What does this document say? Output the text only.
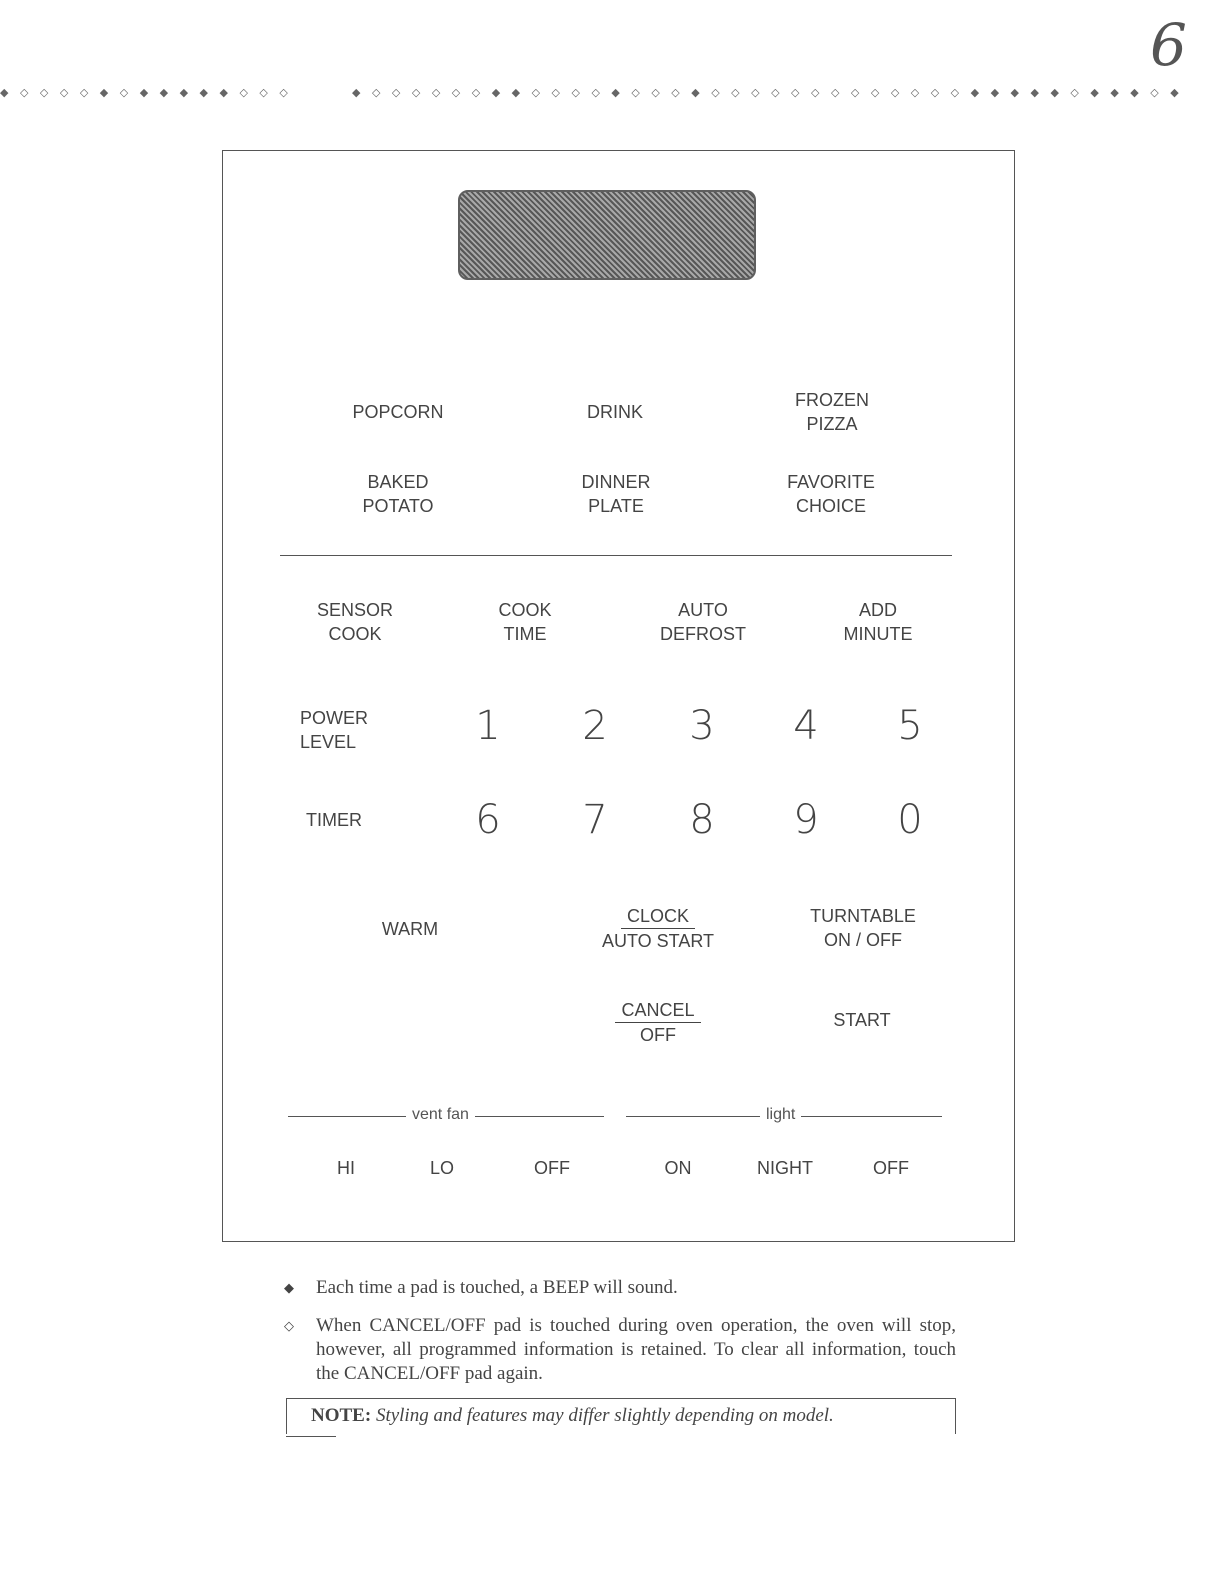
6
◆ ◇ ◇ ◇ ◇ ◆ ◇ ◆ ◆ ◆ ◆ ◆ ◇ ◇ ◇	◆ ◇ ◇ ◇ ◇ ◇ ◇ ◆ ◆ ◇ ◇ ◇ ◇ ◆ ◇ ◇ ◇ ◆ ◇ ◇ ◇ ◇ ◇ ◇ ◇ ◇ ◇ ◇ ◇ ◇ ◇ ◆ ◆ ◆ ◆ ◆ ◇ ◆ ◆ ◆ ◇ ◆
POPCORN	DRINK
FROZEN
PIZZA
BAKED
POTATO
DINNER
PLATE
FAVORITE
CHOICE
SENSOR
COOK
COOK
TIME
AUTO
DEFROST
ADD
MINUTE
POWER
LEVEL
TIMER
1	2	3	4	5
6	7	8	9	0
WARM
CLOCK
AUTO START
TURNTABLE
ON / OFF
CANCEL
OFF
START
vent fan	light
HI	LO	OFF	ON	NIGHT	OFF
◆ Each time a pad is touched, a BEEP will sound.
◇ When CANCEL/OFF pad is touched during oven operation, the oven will stop, however, all programmed information is retained. To clear all information, touch the CANCEL/OFF pad again.
NOTE: Styling and features may differ slightly depending on model.
